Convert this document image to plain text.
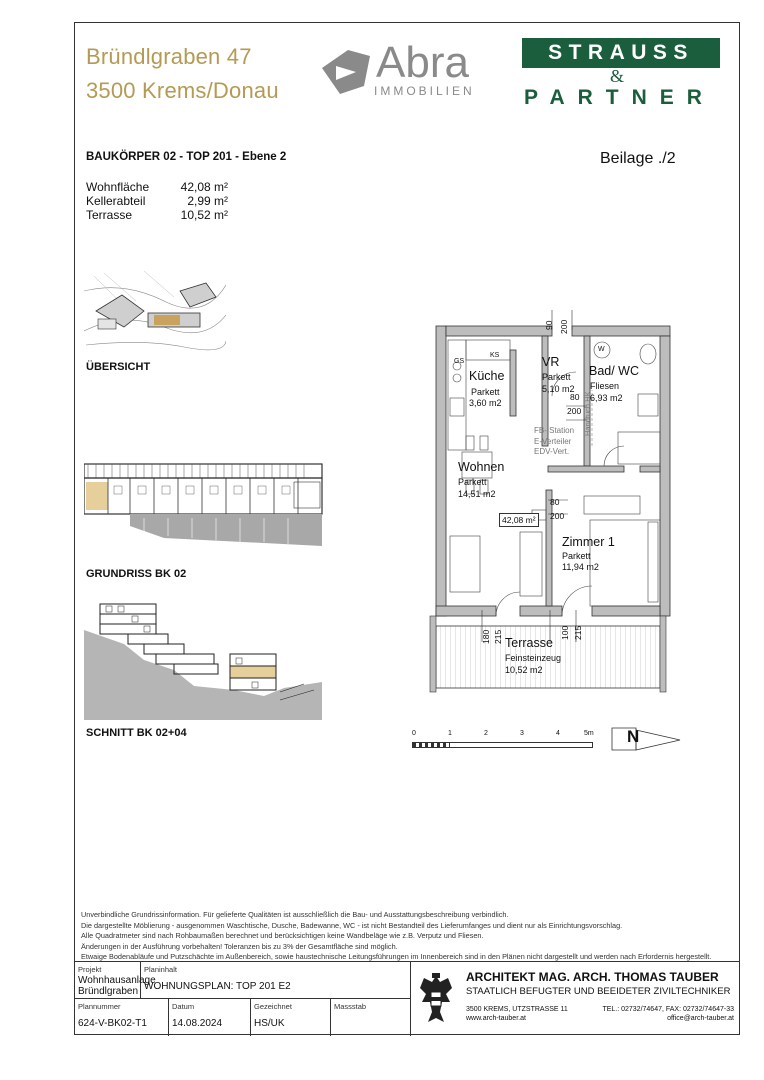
Bründlgraben 47
3500 Krems/Donau
Abra
IMMOBILIEN
STRAUSS
&
PARTNER
BAUKÖRPER 02 - TOP 201 - Ebene 2	Beilage ./2
Wohnfläche	42,08 m²
Kellerabteil	2,99 m²
Terrasse	10,52 m²
ÜBERSICHT
GRUNDRISS BK 02
SCHNITT BK 02+04
Küche
Parkett
3,60 m2
VR
Parkett
5,10 m2
Bad/ WC
Fliesen
6,93 m2
Wohnen
Parkett
14,51 m2
Zimmer 1
Parkett
11,94 m2
Terrasse
Feinsteinzeug
10,52 m2
42,08 m²
FB- Station
E-Verteiler
EDV-Vert.
Handtuch HK
90 200
80
200
80
200
180 215	100 215
KS
GS
W
0	1	2	3	4	5m N
Unverbindliche Grundrissinformation. Für gelieferte Qualitäten ist ausschließlich die Bau- und Ausstattungsbeschreibung verbindlich.
Die dargestellte Möblierung - ausgenommen Waschtische, Dusche, Badewanne, WC - ist nicht Bestandteil des Lieferumfanges und dient nur als Einrichtungsvorschlag.
Alle Quadratmeter sind nach Rohbaumaßen berechnet und berücksichtigen keine Wandbeläge wie z.B. Verputz und Fliesen.
Änderungen in der Ausführung vorbehalten! Toleranzen bis zu 3% der Gesamtfläche sind möglich.
Etwaige Bodenabläufe und Putzschächte im Außenbereich, sowie haustechnische Leitungsführungen im Innenbereich sind in den Plänen nicht dargestellt und werden nach Erfordernis hergestellt.
Projekt
Wohnhausanlage
Bründlgraben
Planinhalt
WOHNUNGSPLAN: TOP 201 E2
Plannummer
624-V-BK02-T1
Datum
14.08.2024
Gezeichnet
HS/UK
Massstab
ARCHITEKT MAG. ARCH. THOMAS TAUBER
STAATLICH BEFUGTER UND BEEIDETER ZIVILTECHNIKER
3500 KREMS, UTZSTRASSE 11
www.arch-tauber.at
TEL.: 02732/74647, FAX: 02732/74647-33
office@arch-tauber.at
